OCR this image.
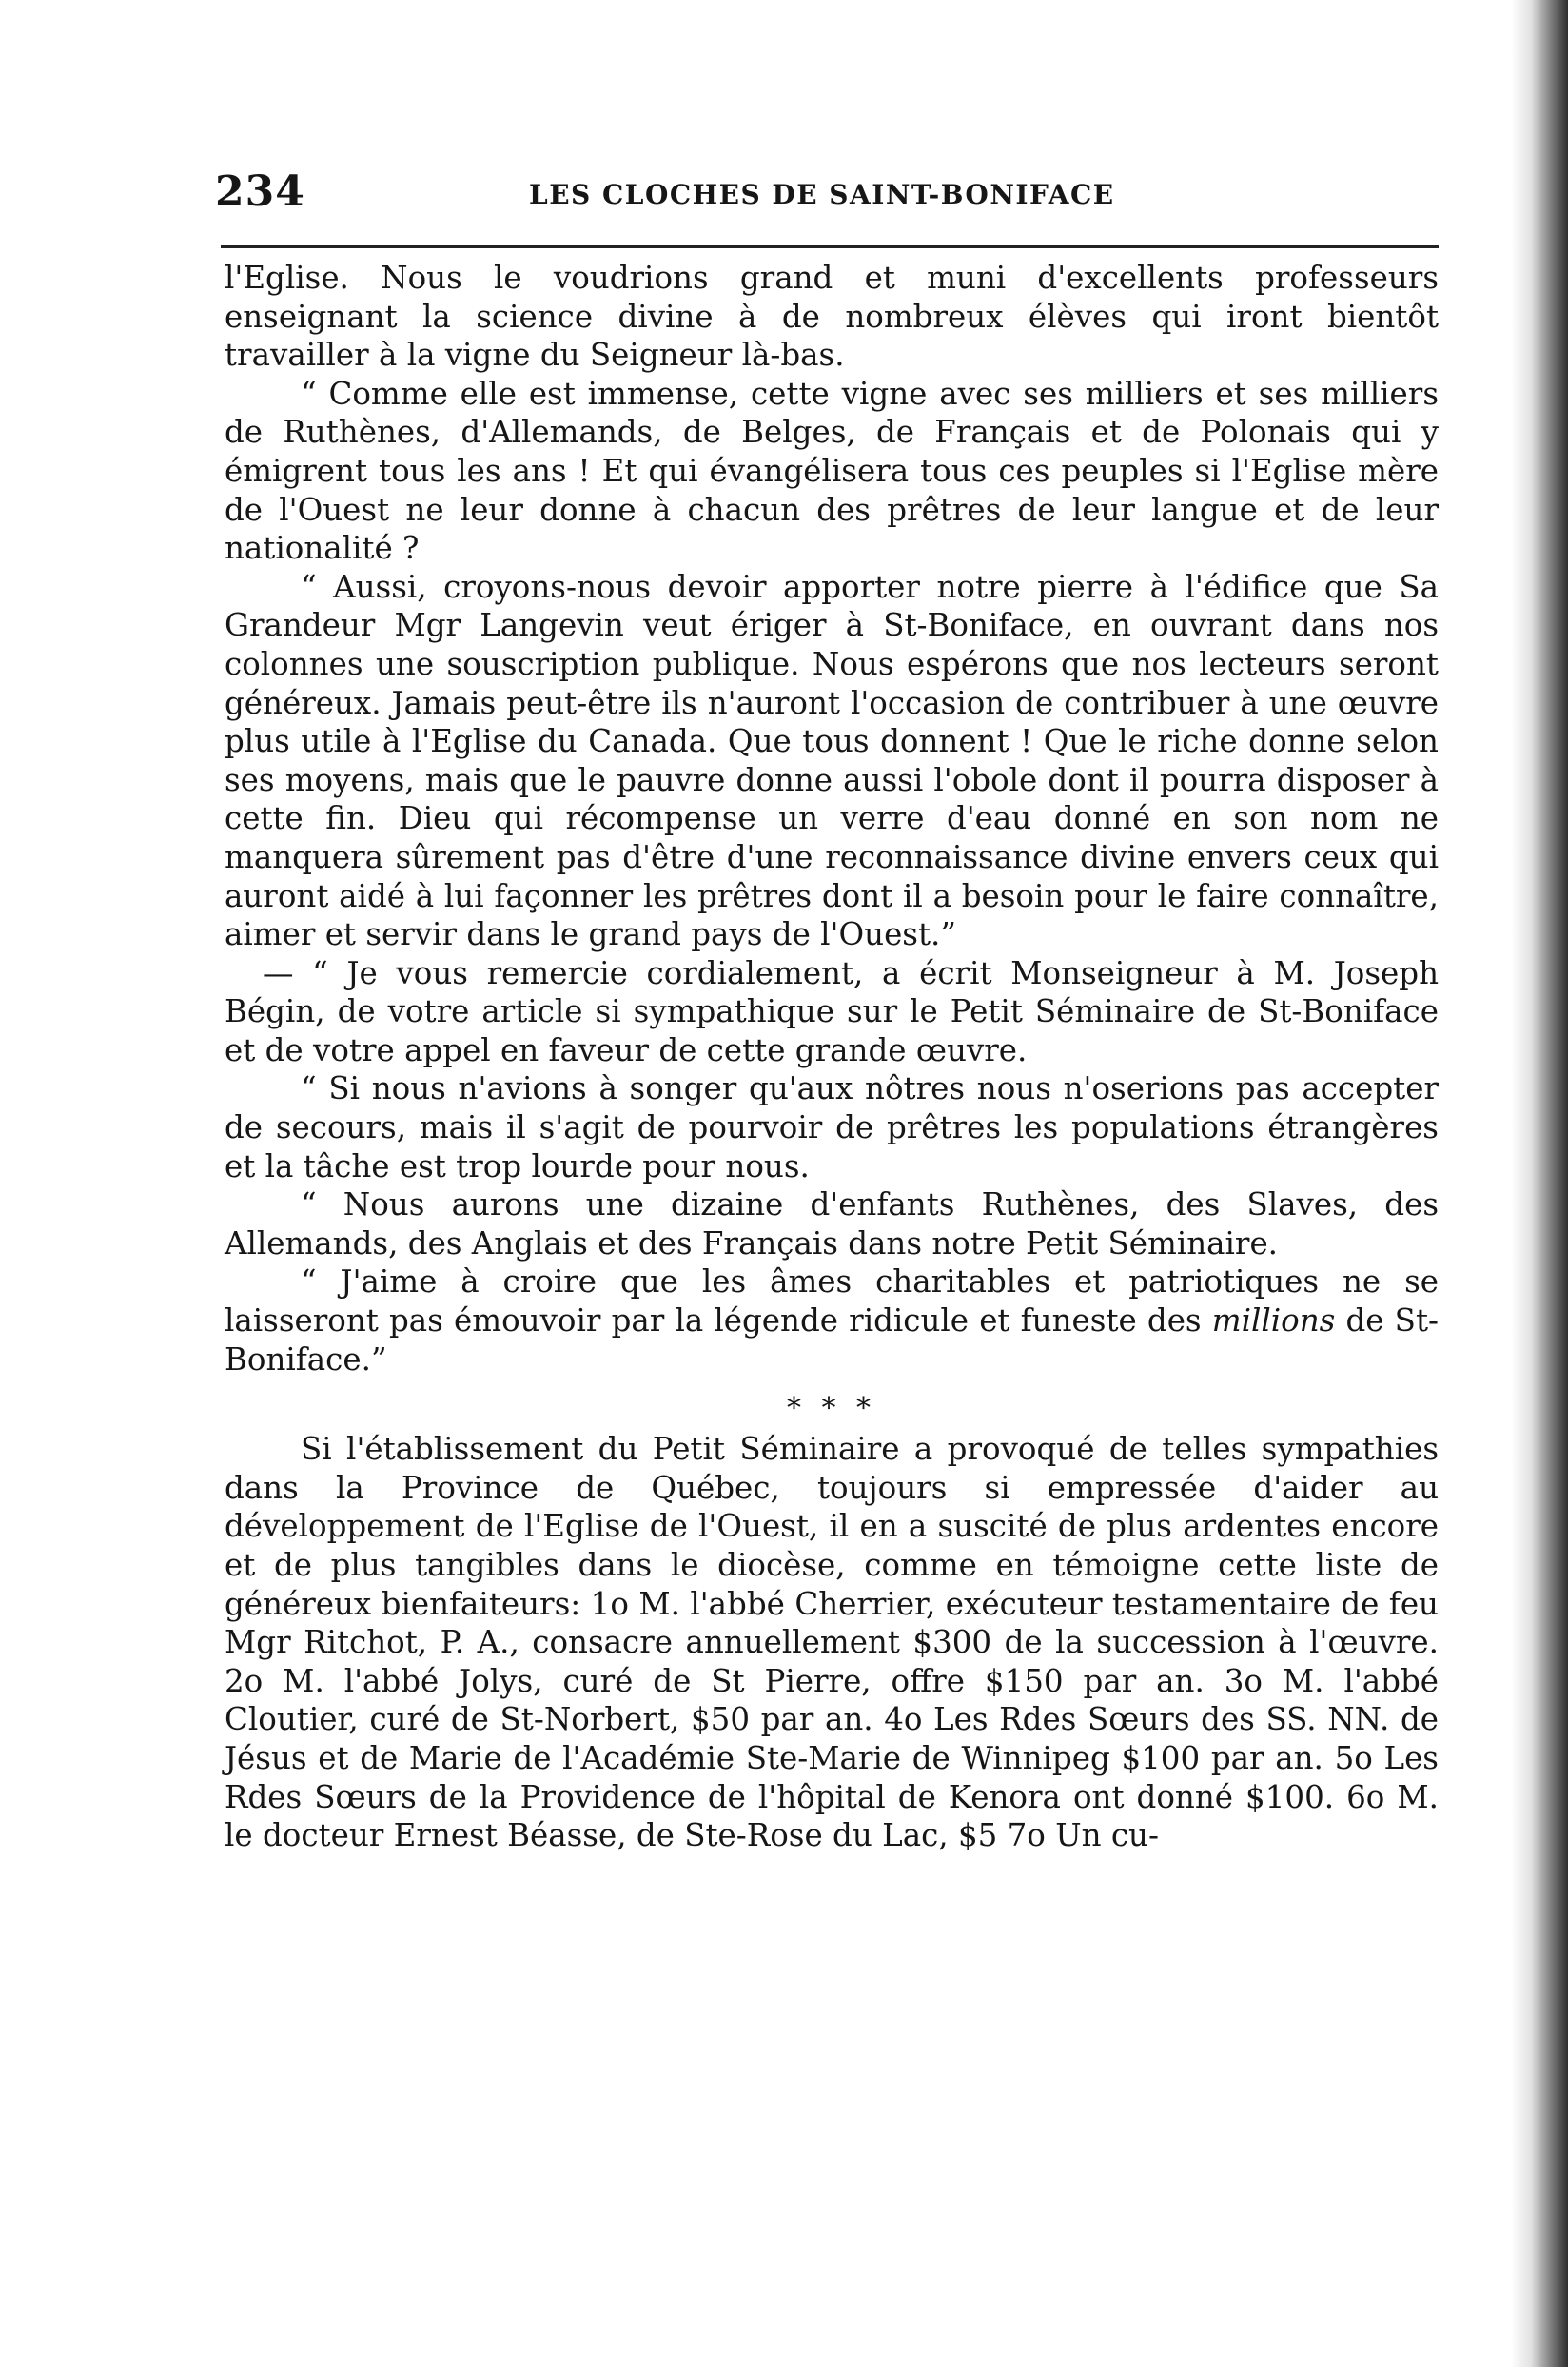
234	LES CLOCHES DE SAINT-BONIFACE

l'Eglise. Nous le voudrions grand et muni d'excellents professeurs enseignant la science divine à de nombreux élèves qui iront bientôt travailler à la vigne du Seigneur là-bas.

“ Comme elle est immense, cette vigne avec ses milliers et ses milliers de Ruthènes, d'Allemands, de Belges, de Français et de Polonais qui y émigrent tous les ans ! Et qui évangélisera tous ces peuples si l'Eglise mère de l'Ouest ne leur donne à chacun des prêtres de leur langue et de leur nationalité ?

“ Aussi, croyons-nous devoir apporter notre pierre à l'édifice que Sa Grandeur Mgr Langevin veut ériger à St-Boniface, en ouvrant dans nos colonnes une souscription publique. Nous espérons que nos lecteurs seront généreux. Jamais peut-être ils n'auront l'occasion de contribuer à une œuvre plus utile à l'Eglise du Canada. Que tous donnent ! Que le riche donne selon ses moyens, mais que le pauvre donne aussi l'obole dont il pourra disposer à cette fin. Dieu qui récompense un verre d'eau donné en son nom ne manquera sûrement pas d'être d'une reconnaissance divine envers ceux qui auront aidé à lui façonner les prêtres dont il a besoin pour le faire connaître, aimer et servir dans le grand pays de l'Ouest.”

— “ Je vous remercie cordialement, a écrit Monseigneur à M. Joseph Bégin, de votre article si sympathique sur le Petit Séminaire de St-Boniface et de votre appel en faveur de cette grande œuvre.

“ Si nous n'avions à songer qu'aux nôtres nous n'oserions pas accepter de secours, mais il s'agit de pourvoir de prêtres les populations étrangères et la tâche est trop lourde pour nous.

“ Nous aurons une dizaine d'enfants Ruthènes, des Slaves, des Allemands, des Anglais et des Français dans notre Petit Séminaire.

“ J'aime à croire que les âmes charitables et patriotiques ne se laisseront pas émouvoir par la légende ridicule et funeste des millions de St-Boniface.”

* * *

Si l'établissement du Petit Séminaire a provoqué de telles sympathies dans la Province de Québec, toujours si empressée d'aider au développement de l'Eglise de l'Ouest, il en a suscité de plus ardentes encore et de plus tangibles dans le diocèse, comme en témoigne cette liste de généreux bienfaiteurs: 1o M. l'abbé Cherrier, exécuteur testamentaire de feu Mgr Ritchot, P. A., consacre annuellement $300 de la succession à l'œuvre. 2o M. l'abbé Jolys, curé de St Pierre, offre $150 par an. 3o M. l'abbé Cloutier, curé de St-Norbert, $50 par an. 4o Les Rdes Sœurs des SS. NN. de Jésus et de Marie de l'Académie Ste-Marie de Winnipeg $100 par an. 5o Les Rdes Sœurs de la Providence de l'hôpital de Kenora ont donné $100. 6o M. le docteur Ernest Béasse, de Ste-Rose du Lac, $5 7o Un cu-
